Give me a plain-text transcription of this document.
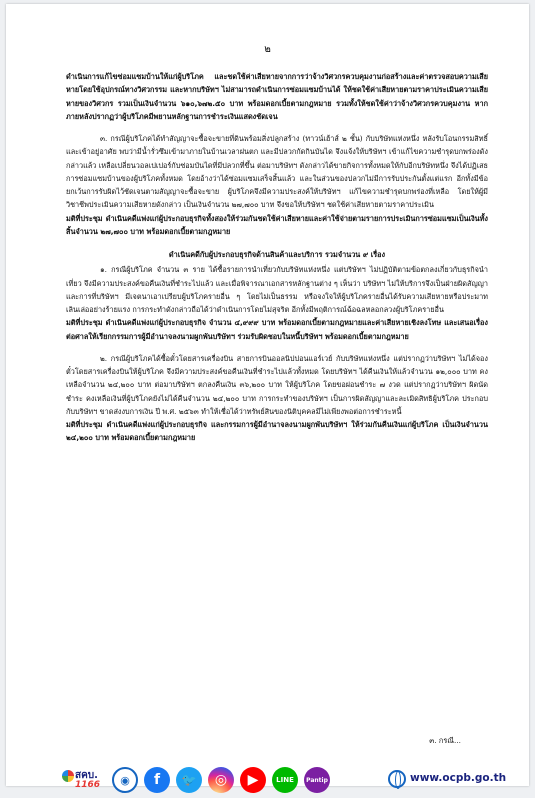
๒

ดำเนินการแก้ไขซ่อมแซมบ้านให้แก่ผู้บริโภค และชดใช้ค่าเสียหายจากการว่าจ้างวิศวกรควบคุมงานก่อสร้างและค่าตรวจสอบความเสียหายโดยใช้อุปกรณ์ทางวิศวกรรม และหากบริษัทฯ ไม่สามารถดำเนินการซ่อมแซมบ้านได้ ให้ชดใช้ค่าเสียหายตามราคาประเมินความเสียหายของวิศวกร รวมเป็นเงินจำนวน ๖๑๐,๖๗๒.๕๐ บาท พร้อมดอกเบี้ยตามกฎหมาย รวมทั้งให้ชดใช้ค่าว่าจ้างวิศวกรควบคุมงาน หากภายหลังปรากฏว่าผู้บริโภคมีพยานหลักฐานการชำระเงินแสดงชัดเจน

๓. กรณีผู้บริโภคได้ทำสัญญาจะซื้อจะขายที่ดินพร้อมสิ่งปลูกสร้าง (ทาวน์เฮ้าส์ ๒ ชั้น) กับบริษัทแห่งหนึ่ง หลังรับโอนกรรมสิทธิ์และเข้าอยู่อาศัย พบว่ามีน้ำรั่วซึมเข้ามาภายในบ้านเวลาฝนตก และมีปลวกกัดกินบันได จึงแจ้งให้บริษัทฯ เข้าแก้ไขความชำรุดบกพร่องดังกล่าวแล้ว เหลือเปลี่ยนวอลเปเปอร์กับซ่อมบันไดที่มีปลวกที่ขึ้น ต่อมาบริษัทฯ ดังกล่าวได้ขายกิจการทั้งหมดให้กับอีกบริษัทหนึ่ง จึงได้ปฏิเสธการซ่อมแซมบ้านของผู้บริโภคทั้งหมด โดยอ้างว่าได้ซ่อมแซมเสร็จสิ้นแล้ว และในส่วนของปลวกไม่มีการรับประกันตั้งแต่แรก อีกทั้งมีข้อยกเว้นการรับผิดไว้ชัดเจนตามสัญญาจะซื้อจะขาย ผู้บริโภคจึงมีความประสงค์ให้บริษัทฯ แก้ไขความชำรุดบกพร่องที่เหลือ โดยให้ผู้มีวิชาชีพประเมินความเสียหายดังกล่าว เป็นเงินจำนวน ๒๗,๗๐๐ บาท จึงขอให้บริษัทฯ ชดใช้ค่าเสียหายตามราคาประเมิน

มติที่ประชุม ดำเนินคดีแพ่งแก่ผู้ประกอบธุรกิจทั้งสองให้ร่วมกันชดใช้ค่าเสียหายและค่าใช้จ่ายตามรายการประเมินการซ่อมแซมเป็นเงินทั้งสิ้นจำนวน ๒๗,๗๐๐ บาท พร้อมดอกเบี้ยตามกฎหมาย

ดำเนินคดีกับผู้ประกอบธุรกิจด้านสินค้าและบริการ รวมจำนวน ๙ เรื่อง

๑. กรณีผู้บริโภค จำนวน ๓ ราย ได้ซื้อรายการนำเที่ยวกับบริษัทแห่งหนึ่ง แต่บริษัทฯ ไม่ปฏิบัติตามข้อตกลงเกี่ยวกับธุรกิจนำเที่ยว จึงมีความประสงค์ขอคืนเงินที่ชำระไปแล้ว และเมื่อพิจารณาเอกสารหลักฐานต่าง ๆ เห็นว่า บริษัทฯ ไม่ให้บริการจึงเป็นฝ่ายผิดสัญญา และการที่บริษัทฯ มีเจตนาเอาเปรียบผู้บริโภครายอื่น ๆ โดยไม่เป็นธรรม หรือจงใจให้ผู้บริโภครายอื่นได้รับความเสียหายหรือประมาทเลินเล่ออย่างร้ายแรง การกระทำดังกล่าวถือได้ว่าดำเนินการโดยไม่สุจริต อีกทั้งมีพฤติการณ์ฉ้อฉลหลอกลวงผู้บริโภครายอื่น

มติที่ประชุม ดำเนินคดีแพ่งแก่ผู้ประกอบธุรกิจ จำนวน ๔,๙๙๙ บาท พร้อมดอกเบี้ยตามกฎหมายและค่าเสียหายเชิงลงโทษ และเสนอเรื่องต่อศาลให้เรียกกรรมการผู้มีอำนาจลงนามผูกพันบริษัทฯ ร่วมรับผิดชอบในหนี้บริษัทฯ พร้อมดอกเบี้ยตามกฎหมาย

๒. กรณีผู้บริโภคได้ซื้อตั๋วโดยสารเครื่องบิน สายการบินออลนิปปอนแอร์เวย์ กับบริษัทแห่งหนึ่ง แต่ปรากฏว่าบริษัทฯ ไม่ได้จองตั๋วโดยสารเครื่องบินให้ผู้บริโภค จึงมีความประสงค์ขอคืนเงินที่ชำระไปแล้วทั้งหมด โดยบริษัทฯ ได้คืนเงินให้แล้วจำนวน ๑๒,๐๐๐ บาท คงเหลือจำนวน ๒๔,๒๐๐ บาท ต่อมาบริษัทฯ ตกลงคืนเงิน ๓๖,๒๐๐ บาท ให้ผู้บริโภค โดยขอผ่อนชำระ ๗ งวด แต่ปรากฏว่าบริษัทฯ ผิดนัดชำระ คงเหลือเงินที่ผู้บริโภคยังไม่ได้คืนจำนวน ๒๔,๒๐๐ บาท การกระทำของบริษัทฯ เป็นการผิดสัญญาและละเมิดสิทธิผู้บริโภค ประกอบกับบริษัทฯ ขาดส่งงบการเงิน ปี พ.ศ. ๒๕๖๓ ทำให้เชื่อได้ว่าทรัพย์สินของนิติบุคคลมีไม่เพียงพอต่อการชำระหนี้

มติที่ประชุม ดำเนินคดีแพ่งแก่ผู้ประกอบธุรกิจ และกรรมการผู้มีอำนาจลงนามผูกพันบริษัทฯ ให้ร่วมกันคืนเงินแก่ผู้บริโภค เป็นเงินจำนวน ๒๔,๒๐๐ บาท พร้อมดอกเบี้ยตามกฎหมาย

๓. กรณี...
สคบ.
1166	◉	f	🐦	◎	▶	LINE Pantip	www.ocpb.go.th
